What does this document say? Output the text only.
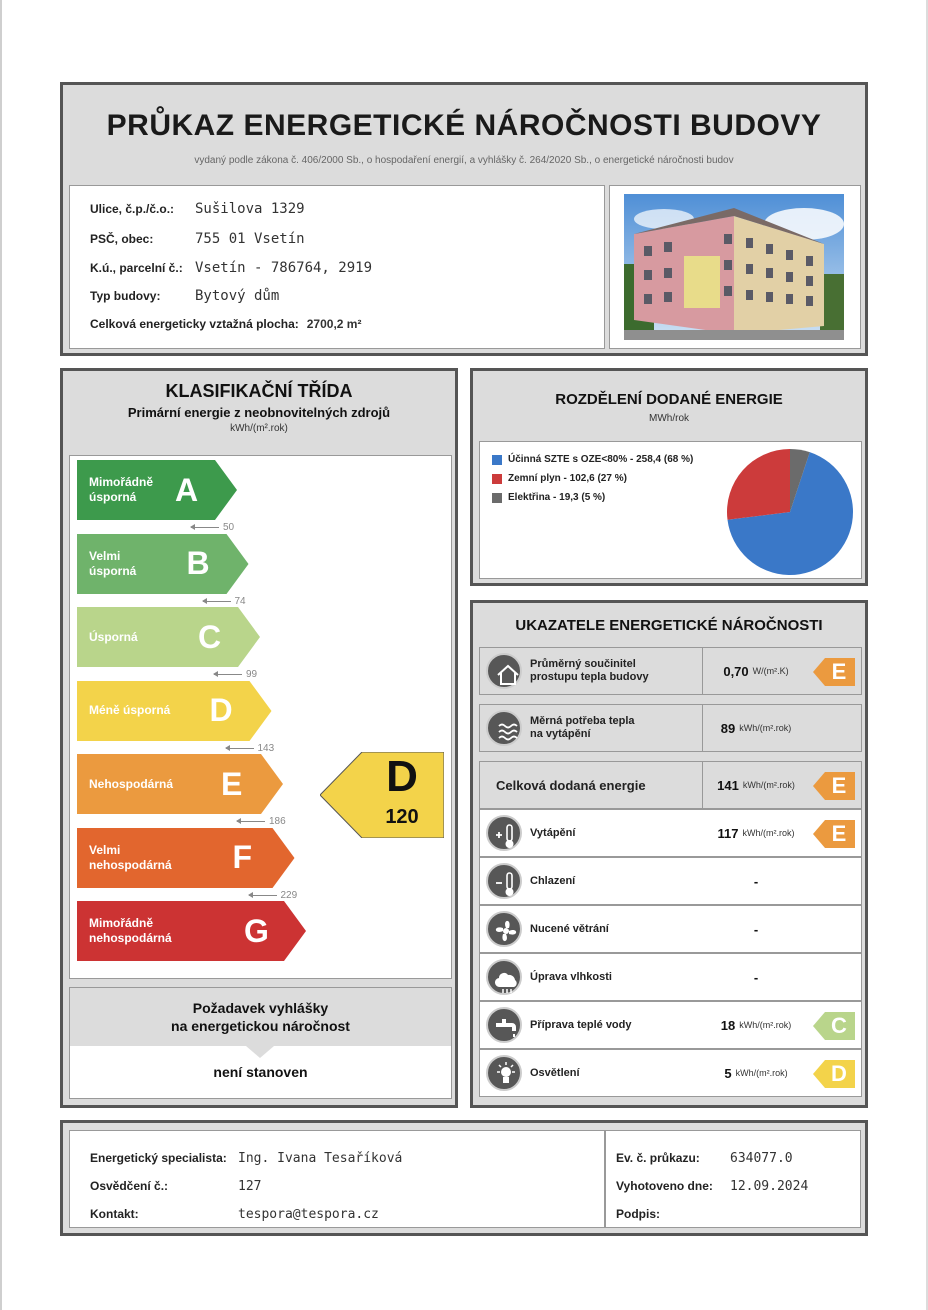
PRŮKAZ ENERGETICKÉ NÁROČNOSTI BUDOVY
vydaný podle zákona č. 406/2000 Sb., o hospodaření energií, a vyhlášky č. 264/2020 Sb., o energetické náročnosti budov
Ulice, č.p./č.o.:	Sušilova 1329
PSČ, obec:	755 01 Vsetín
K.ú., parcelní č.: Vsetín - 786764, 2919
Typ budovy:	Bytový dům
Celková energeticky vztažná plocha: 2700,2 m²
KLASIFIKAČNÍ TŘÍDA
Primární energie z neobnovitelných zdrojů
kWh/(m².rok)
D
120
Mimořádně
úsporná	A
Velmi
úsporná B
Úsporná C
Méně úsporná D
Nehospodárná E
Velmi
nehospodárná F
Mimořádně
nehospodárná G
50
74
99
143
186
229
Požadavek vyhlášky
na energetickou náročnost
není stanoven
ROZDĚLENÍ DODANÉ ENERGIE
MWh/rok
Účinná SZTE s OZE<80% - 258,4 (68 %)
Zemní plyn - 102,6 (27 %)
Elektřina - 19,3 (5 %)
UKAZATELE ENERGETICKÉ NÁROČNOSTI
Průměrný součinitel
prostupu tepla budovy	0,70 W/(m².K)	E
Měrná potřeba tepla
na vytápění	89 kWh/(m².rok)
Celková dodaná energie	141 kWh/(m².rok)	E
Vytápění	117 kWh/(m².rok)	E
Chlazení	-
Nucené větrání	-
Úprava vlhkosti	-
Příprava teplé vody	18 kWh/(m².rok)	C
Osvětlení	5 kWh/(m².rok)	D
Energetický specialista: Ing. Ivana Tesaříková
Osvědčení č.:	127
Kontakt:	tespora@tespora.cz
Ev. č. průkazu:	634077.0
Vyhotoveno dne:	12.09.2024
Podpis:
